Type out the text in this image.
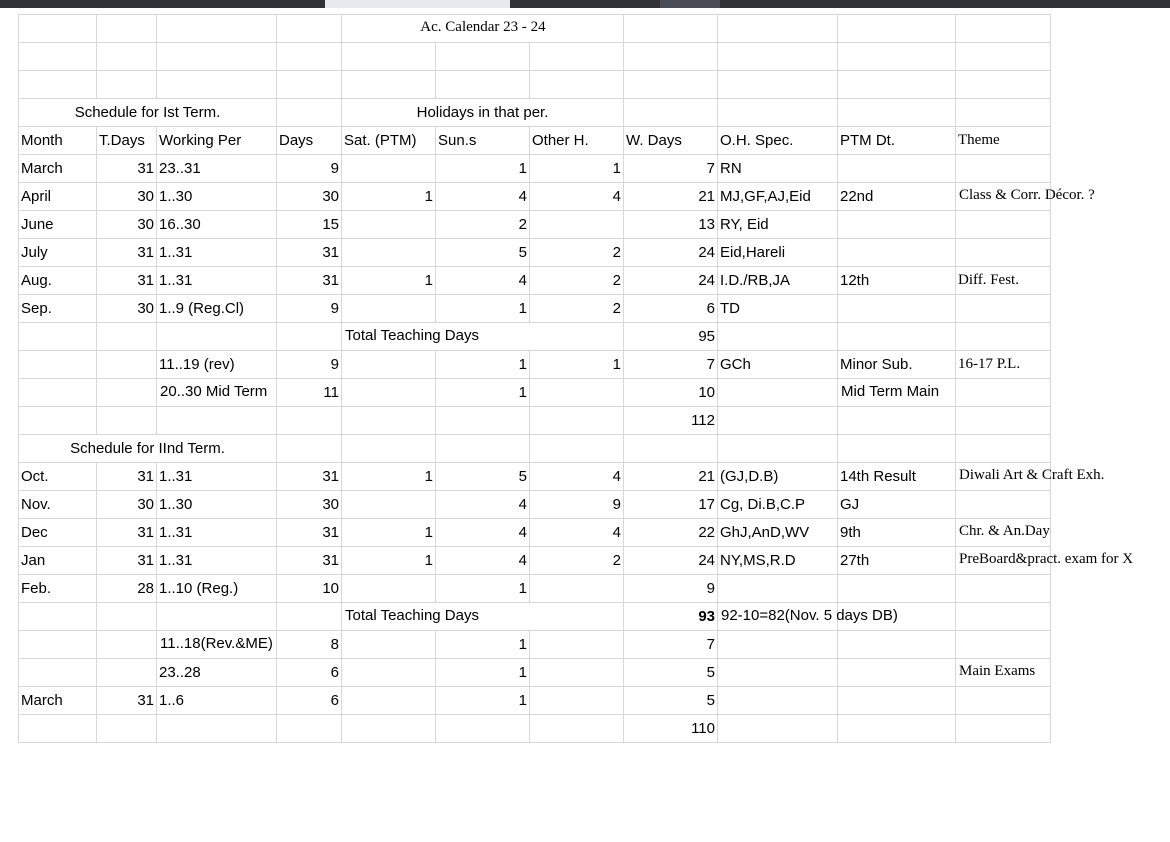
				Ac. Calendar 23 - 24						

Schedule for Ist Term.				Holidays in that per.						
Month	T.Days	Working Per	Days	Sat. (PTM)	Sun.s	Other H.	W. Days	O.H. Spec.	PTM Dt.	Theme
March	31	23..31	9		1	1	7	RN		
April	30	1..30	30	1	4	4	21	MJ,GF,AJ,Eid	22nd	Class & Corr. Décor. ?

June	30	16..30	15		2		13	RY, Eid		
July	31	1..31	31		5	2	24	Eid,Hareli		
Aug.	31	1..31	31	1	4	2	24	I.D./RB,JA	12th	Diff. Fest.
Sep.	30	1..9 (Reg.Cl)	9		1	2	6	TD		

				Total Teaching Days			95			
		11..19 (rev)	9		1	1	7	GCh	Minor Sub.	16-17 P.L.

		20..30 Mid Term	11		1		10		Mid Term Main	

							112			
Schedule for IInd Term.										
Oct.	31	1..31	31	1	5	4	21	(GJ,D.B)	14th Result	Diwali Art & Craft Exh.

Nov.	30	1..30	30		4	9	17	Cg, Di.B,C.P	GJ	
Dec	31	1..31	31	1	4	4	22	GhJ,AnD,WV	9th	Chr. & An.Day

Jan	31	1..31	31	1	4	2	24	NY,MS,R.D	27th	PreBoard&pract. exam for X

Feb.	28	1..10 (Reg.)	10		1		9			

				Total Teaching Days			93	92-10=82(Nov. 5 days DB)		

		11..18(Rev.&ME)	8		1		7			
		23..28	6		1		5			Main Exams

March	31	1..6	6		1		5			
							110			
